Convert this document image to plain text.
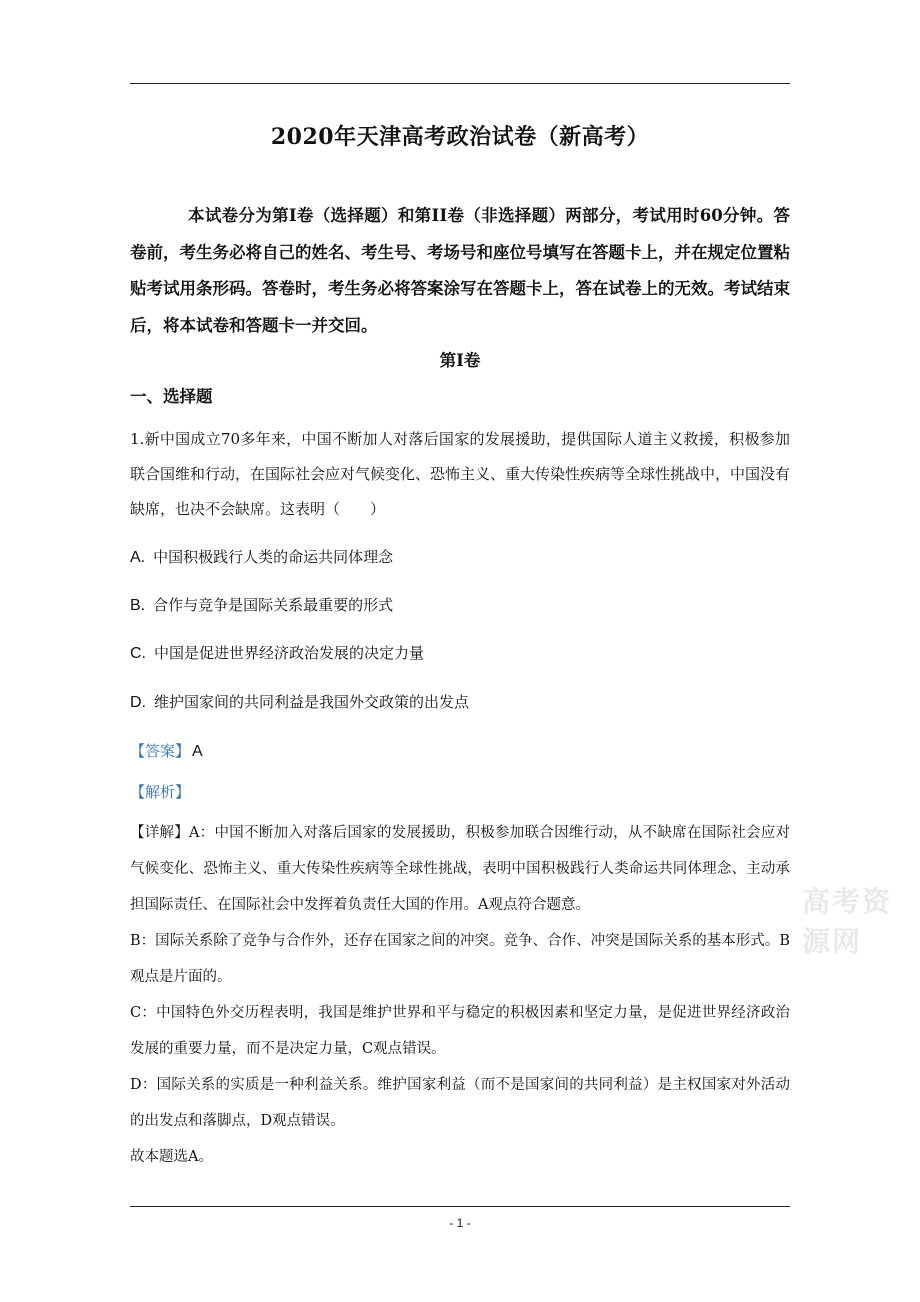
2020年天津高考政治试卷（新高考）
本试卷分为第Ⅰ卷（选择题）和第ⅠI卷（非选择题）两部分，考试用时60分钟。答卷前，考生务必将自己的姓名、考生号、考场号和座位号填写在答题卡上，并在规定位置粘贴考试用条形码。答卷时，考生务必将答案涂写在答题卡上，答在试卷上的无效。考试结束后，将本试卷和答题卡一并交回。
第Ⅰ卷
一、选择题
1.新中国成立70多年来，中国不断加人对落后国家的发展援助，提供国际人道主义救援，积极参加联合国维和行动，在国际社会应对气候变化、恐怖主义、重大传染性疾病等全球性挑战中，中国没有缺席，也决不会缺席。这表明（　　）
A. 中国积极践行人类的命运共同体理念
B. 合作与竞争是国际关系最重要的形式
C. 中国是促进世界经济政治发展的决定力量
D. 维护国家间的共同利益是我国外交政策的出发点
【答案】 A
【解析】

【详解】A：中国不断加入对落后国家的发展援助，积极参加联合因维行动，从不缺席在国际社会应对气候变化、恐怖主义、重大传染性疾病等全球性挑战，表明中国积极践行人类命运共同体理念、主动承担国际责任、在国际社会中发挥着负责任大国的作用。A观点符合题意。

B：国际关系除了竞争与合作外，还存在国家之间的冲突。竞争、合作、冲突是国际关系的基本形式。B观点是片面的。

C：中国特色外交历程表明，我国是维护世界和平与稳定的积极因素和坚定力量，是促进世界经济政治发展的重要力量，而不是决定力量，C观点错误。

D：国际关系的实质是一种利益关系。维护国家利益（而不是国家间的共同利益）是主权国家对外活动的出发点和落脚点，D观点错误。

故本题选A。

高考资源网
- 1 -
